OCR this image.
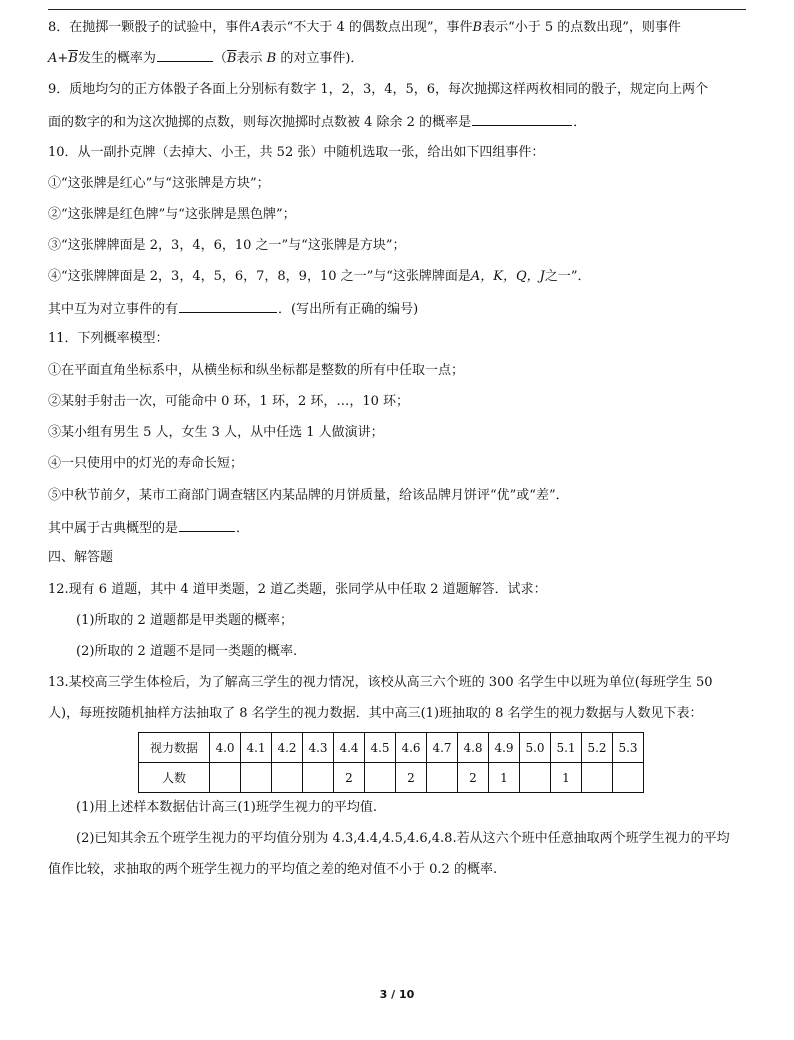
8．在抛掷一颗骰子的试验中，事件A表示“不大于 4 的偶数点出现”，事件B表示“小于 5 的点数出现”，则事件
$A+\overline{B}$发生的概率为	（$\overline{B}$表示 B 的对立事件)．
9．质地均匀的正方体骰子各面上分别标有数字 1，2，3，4，5，6，每次抛掷这样两枚相同的骰子，规定向上两个
面的数字的和为这次抛掷的点数，则每次抛掷时点数被 4 除余 2 的概率是	．
10．从一副扑克牌（去掉大、小王，共 52 张）中随机选取一张，给出如下四组事件：
①“这张牌是红心”与“这张牌是方块”；
②“这张牌是红色牌”与“这张牌是黑色牌”；
③“这张牌牌面是 2，3，4，6，10 之一”与“这张牌是方块”；
④“这张牌牌面是 2，3，4，5，6，7，8，9，10 之一”与“这张牌牌面是A，K，Q，J之一”．
其中互为对立事件的有	．(写出所有正确的编号)
11．下列概率模型：
①在平面直角坐标系中，从横坐标和纵坐标都是整数的所有中任取一点；
②某射手射击一次，可能命中 0 环，1 环，2 环，…，10 环；
③某小组有男生 5 人，女生 3 人，从中任选 1 人做演讲；
④一只使用中的灯光的寿命长短；
⑤中秋节前夕，某市工商部门调查辖区内某品牌的月饼质量，给该品牌月饼评“优”或“差”．
其中属于古典概型的是	．
四、解答题
12.现有 6 道题，其中 4 道甲类题，2 道乙类题，张同学从中任取 2 道题解答．试求：
(1)所取的 2 道题都是甲类题的概率；
(2)所取的 2 道题不是同一类题的概率.
13.某校高三学生体检后，为了解高三学生的视力情况，该校从高三六个班的 300 名学生中以班为单位(每班学生 50
人)，每班按随机抽样方法抽取了 8 名学生的视力数据．其中高三(1)班抽取的 8 名学生的视力数据与人数见下表：
视力数据	4.0	4.1	4.2	4.3	4.4	4.5	4.6	4.7	4.8	4.9	5.0	5.1	5.2	5.3
人数					2		2		2	1		1		
(1)用上述样本数据估计高三(1)班学生视力的平均值.
(2)已知其余五个班学生视力的平均值分别为 4.3,4.4,4.5,4.6,4.8.若从这六个班中任意抽取两个班学生视力的平均
值作比较，求抽取的两个班学生视力的平均值之差的绝对值不小于 0.2 的概率.
3 / 10
